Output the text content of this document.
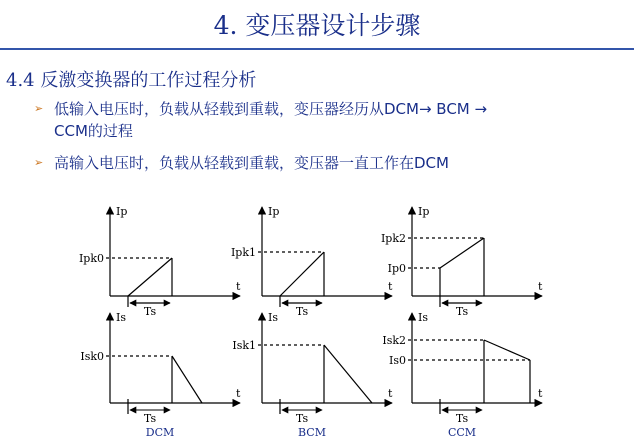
4. 变压器设计步骤
4.4 反激变换器的工作过程分析
➢ 低输入电压时，负载从轻载到重载，变压器经历从DCM→ BCM →
CCM的过程
➢ 高输入电压时，负载从轻载到重载，变压器一直工作在DCM
Ip
t
Ipk0
Ts
Is
t
Isk0
Ts
DCM
Ip
t
Ipk1
Ts
Is
t
Isk1
Ts
BCM
Ip
t
Ipk2
Ip0
Ts
Is
t
Isk2
Is0
Ts
CCM
